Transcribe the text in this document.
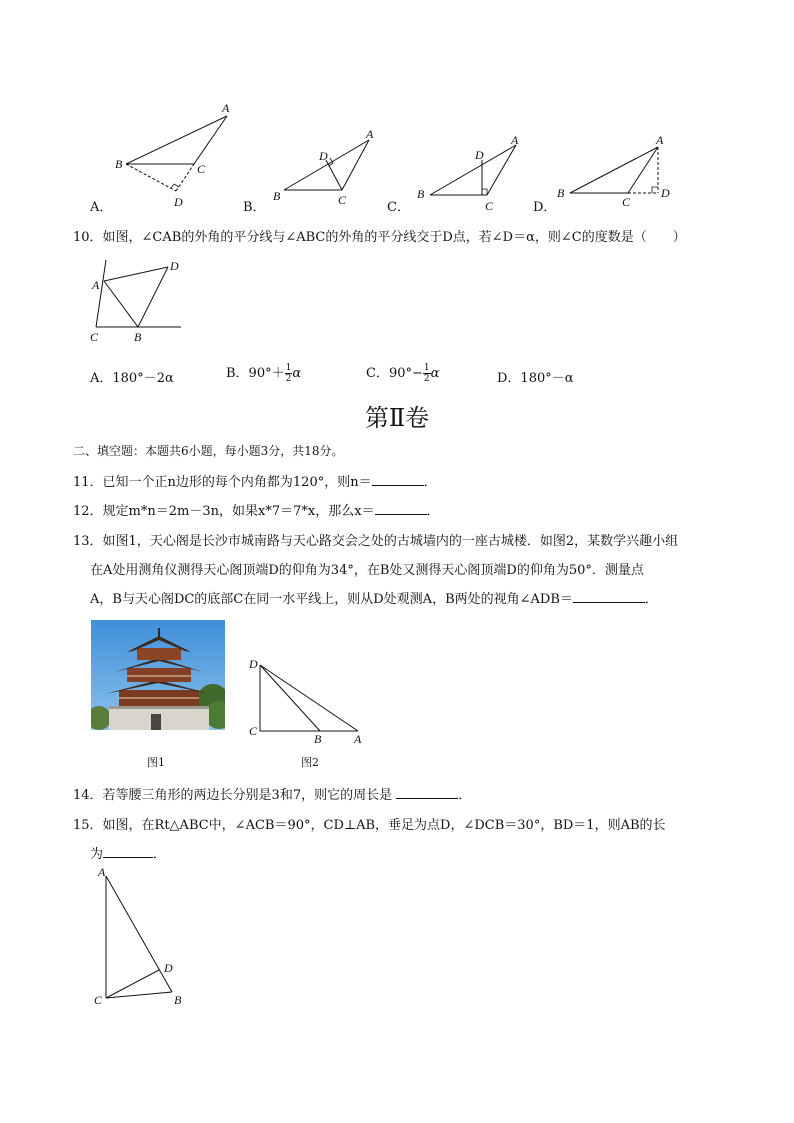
A
B	C
D
A
B	C
D
A
B
C
D
A
B
C
D
A．	B．	C．	D．
10．如图，∠CAB的外角的平分线与∠ABC的外角的平分线交于D点，若∠D＝α，则∠C的度数是（　　）
A
B
C
D
A．180°－2α	B．$90^\circ+ \frac{1}{2}$ α	C．$90^\circ- \frac{1}{2}$ α	D．180°－α
第Ⅱ卷
二、填空题：本题共6小题，每小题3分，共18分。
11．已知一个正n边形的每个内角都为120°，则n＝	．
12．规定m*n＝2m－3n，如果x*7＝7*x，那么x＝	．
13．如图1，天心阁是长沙市城南路与天心路交会之处的古城墙内的一座古城楼．如图2，某数学兴趣小组
在A处用测角仪测得天心阁顶端D的仰角为34°，在B处又测得天心阁顶端D的仰角为50°．测量点
A，B与天心阁DC的底部C在同一水平线上，则从D处观测A，B两处的视角∠ADB＝	．
D
C
B	A
图1	图2
14．若等腰三角形的两边长分别是3和7，则它的周长是	．
15．如图，在Rt△ABC中，∠ACB＝90°，CD⊥AB，垂足为点D，∠DCB＝30°，BD＝1，则AB的长
为	．
A
C	B
D
